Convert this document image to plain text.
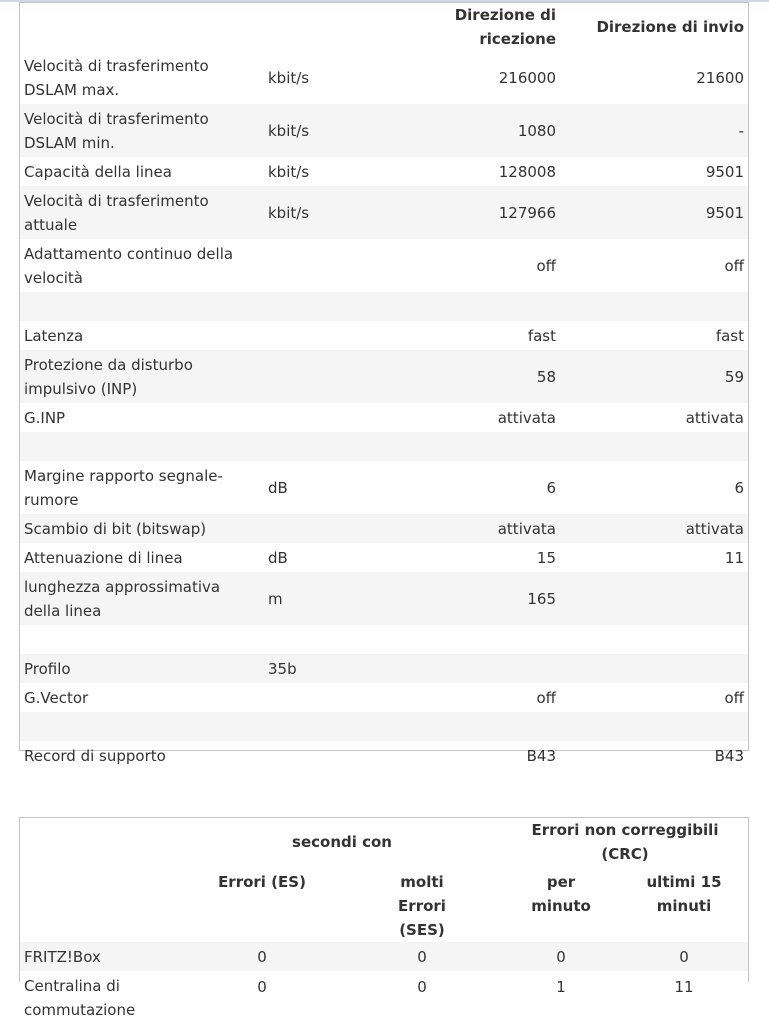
		Direzione di ricezione	Direzione di invio
Velocità di trasferimento DSLAM max.	kbit/s	216000	21600
Velocità di trasferimento DSLAM min.	kbit/s	1080	-
Capacità della linea	kbit/s	128008	9501
Velocità di trasferimento attuale	kbit/s	127966	9501
Adattamento continuo della velocità		off	off

Latenza		fast	fast
Protezione da disturbo impulsivo (INP)		58	59
G.INP		attivata	attivata

Margine rapporto segnale-rumore	dB	6	6
Scambio di bit (bitswap)		attivata	attivata
Attenuazione di linea	dB	15	11
lunghezza approssimativa della linea	m	165	

Profilo	35b		
G.Vector		off	off

Record di supporto		B43	B43
	secondi con		Errori non correggibili (CRC)	
	Errori (ES)	molti Errori (SES)	per minuto	ultimi 15 minuti

FRITZ!Box	0	0	0	0
Centralina di commutazione	0	0	1	11
